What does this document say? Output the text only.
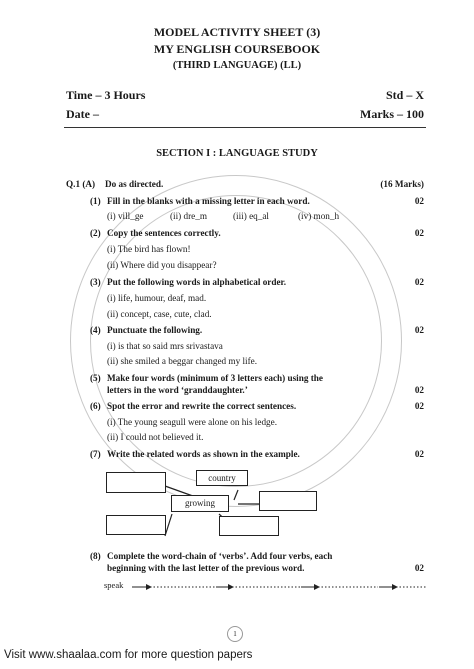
MODEL ACTIVITY SHEET (3)
MY ENGLISH COURSEBOOK
(THIRD LANGUAGE) (LL)
Time – 3 Hours	Std – X
Date –	Marks – 100
SECTION I : LANGUAGE STUDY
Q.1 (A) Do as directed.	(16 Marks)
(1) Fill in the blanks with a missing letter in each word.	02
(i) vill_ge	(ii) dre_m	(iii) eq_al	(iv) mon_h
(2) Copy the sentences correctly.	02
(i) The bird has flown!
(ii) Where did you disappear?
(3) Put the following words in alphabetical order.	02
(i) life, humour, deaf, mad.
(ii) concept, case, cute, clad.
(4) Punctuate the following.	02
(i) is that so said mrs srivastava
(ii) she smiled a beggar changed my life.
(5) Make four words (minimum of 3 letters each) using the
letters in the word ‘granddaughter.’	02
(6) Spot the error and rewrite the correct sentences.	02
(i) The young seagull were alone on his ledge.
(ii) I could not believed it.
(7) Write the related words as shown in the example.	02
country
growing
(8) Complete the word-chain of ‘verbs’. Add four verbs, each
beginning with the last letter of the previous word.	02
speak
1
Visit www.shaalaa.com for more question papers
